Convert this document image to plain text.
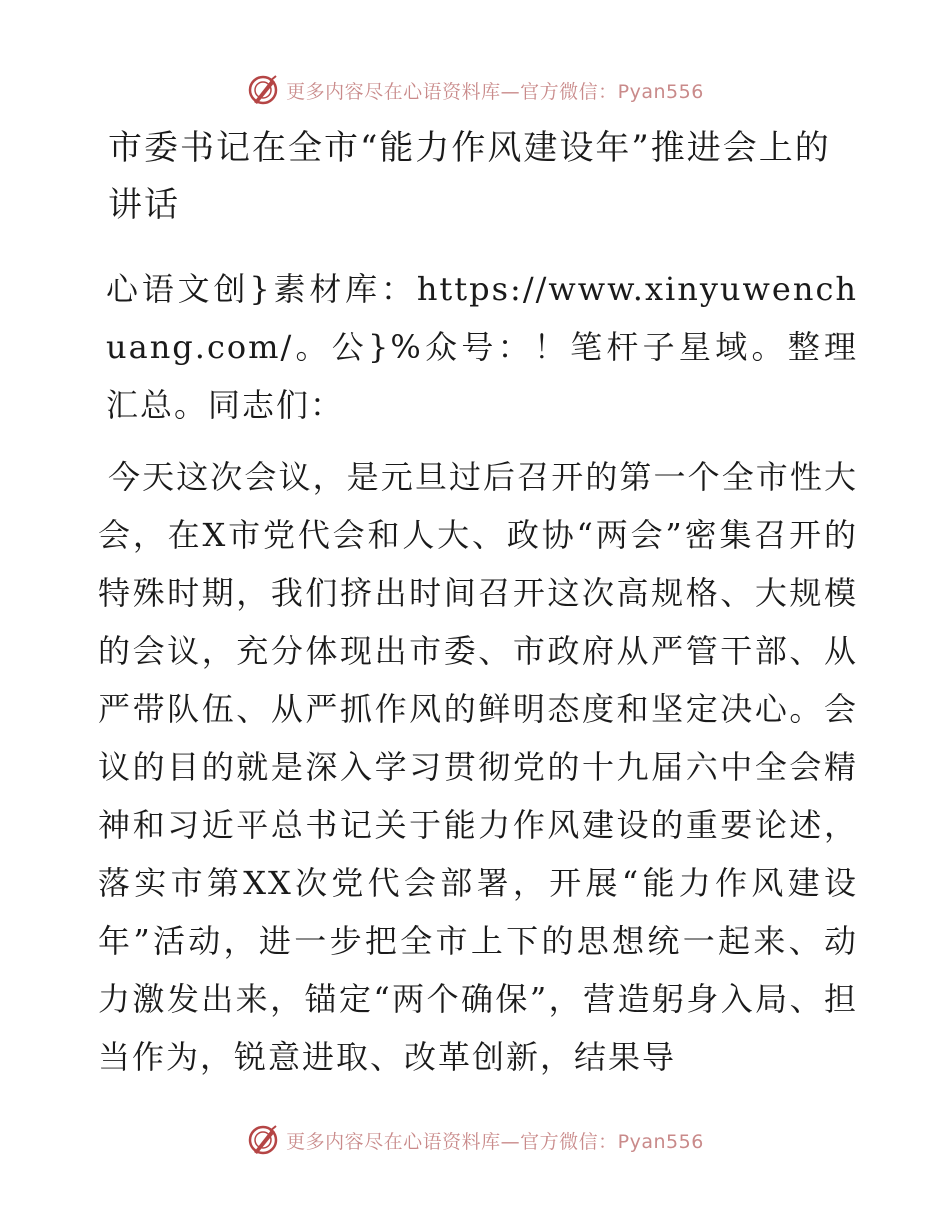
更多内容尽在心语资料库—官方微信：Pyan556
市委书记在全市“能力作风建设年”推进会上的讲话

心语文创}素材库：https://www.xinyuwenchuang.com/。公}%众号：！笔杆子星域。整理汇总。同志们：

今天这次会议，是元旦过后召开的第一个全市性大会，在X市党代会和人大、政协“两会”密集召开的特殊时期，我们挤出时间召开这次高规格、大规模的会议，充分体现出市委、市政府从严管干部、从严带队伍、从严抓作风的鲜明态度和坚定决心。会议的目的就是深入学习贯彻党的十九届六中全会精神和习近平总书记关于能力作风建设的重要论述，落实市第XX次党代会部署，开展“能力作风建设年”活动，进一步把全市上下的思想统一起来、动力激发出来，锚定“两个确保”，营造躬身入局、担当作为，锐意进取、改革创新，结果导

更多内容尽在心语资料库—官方微信：Pyan556
